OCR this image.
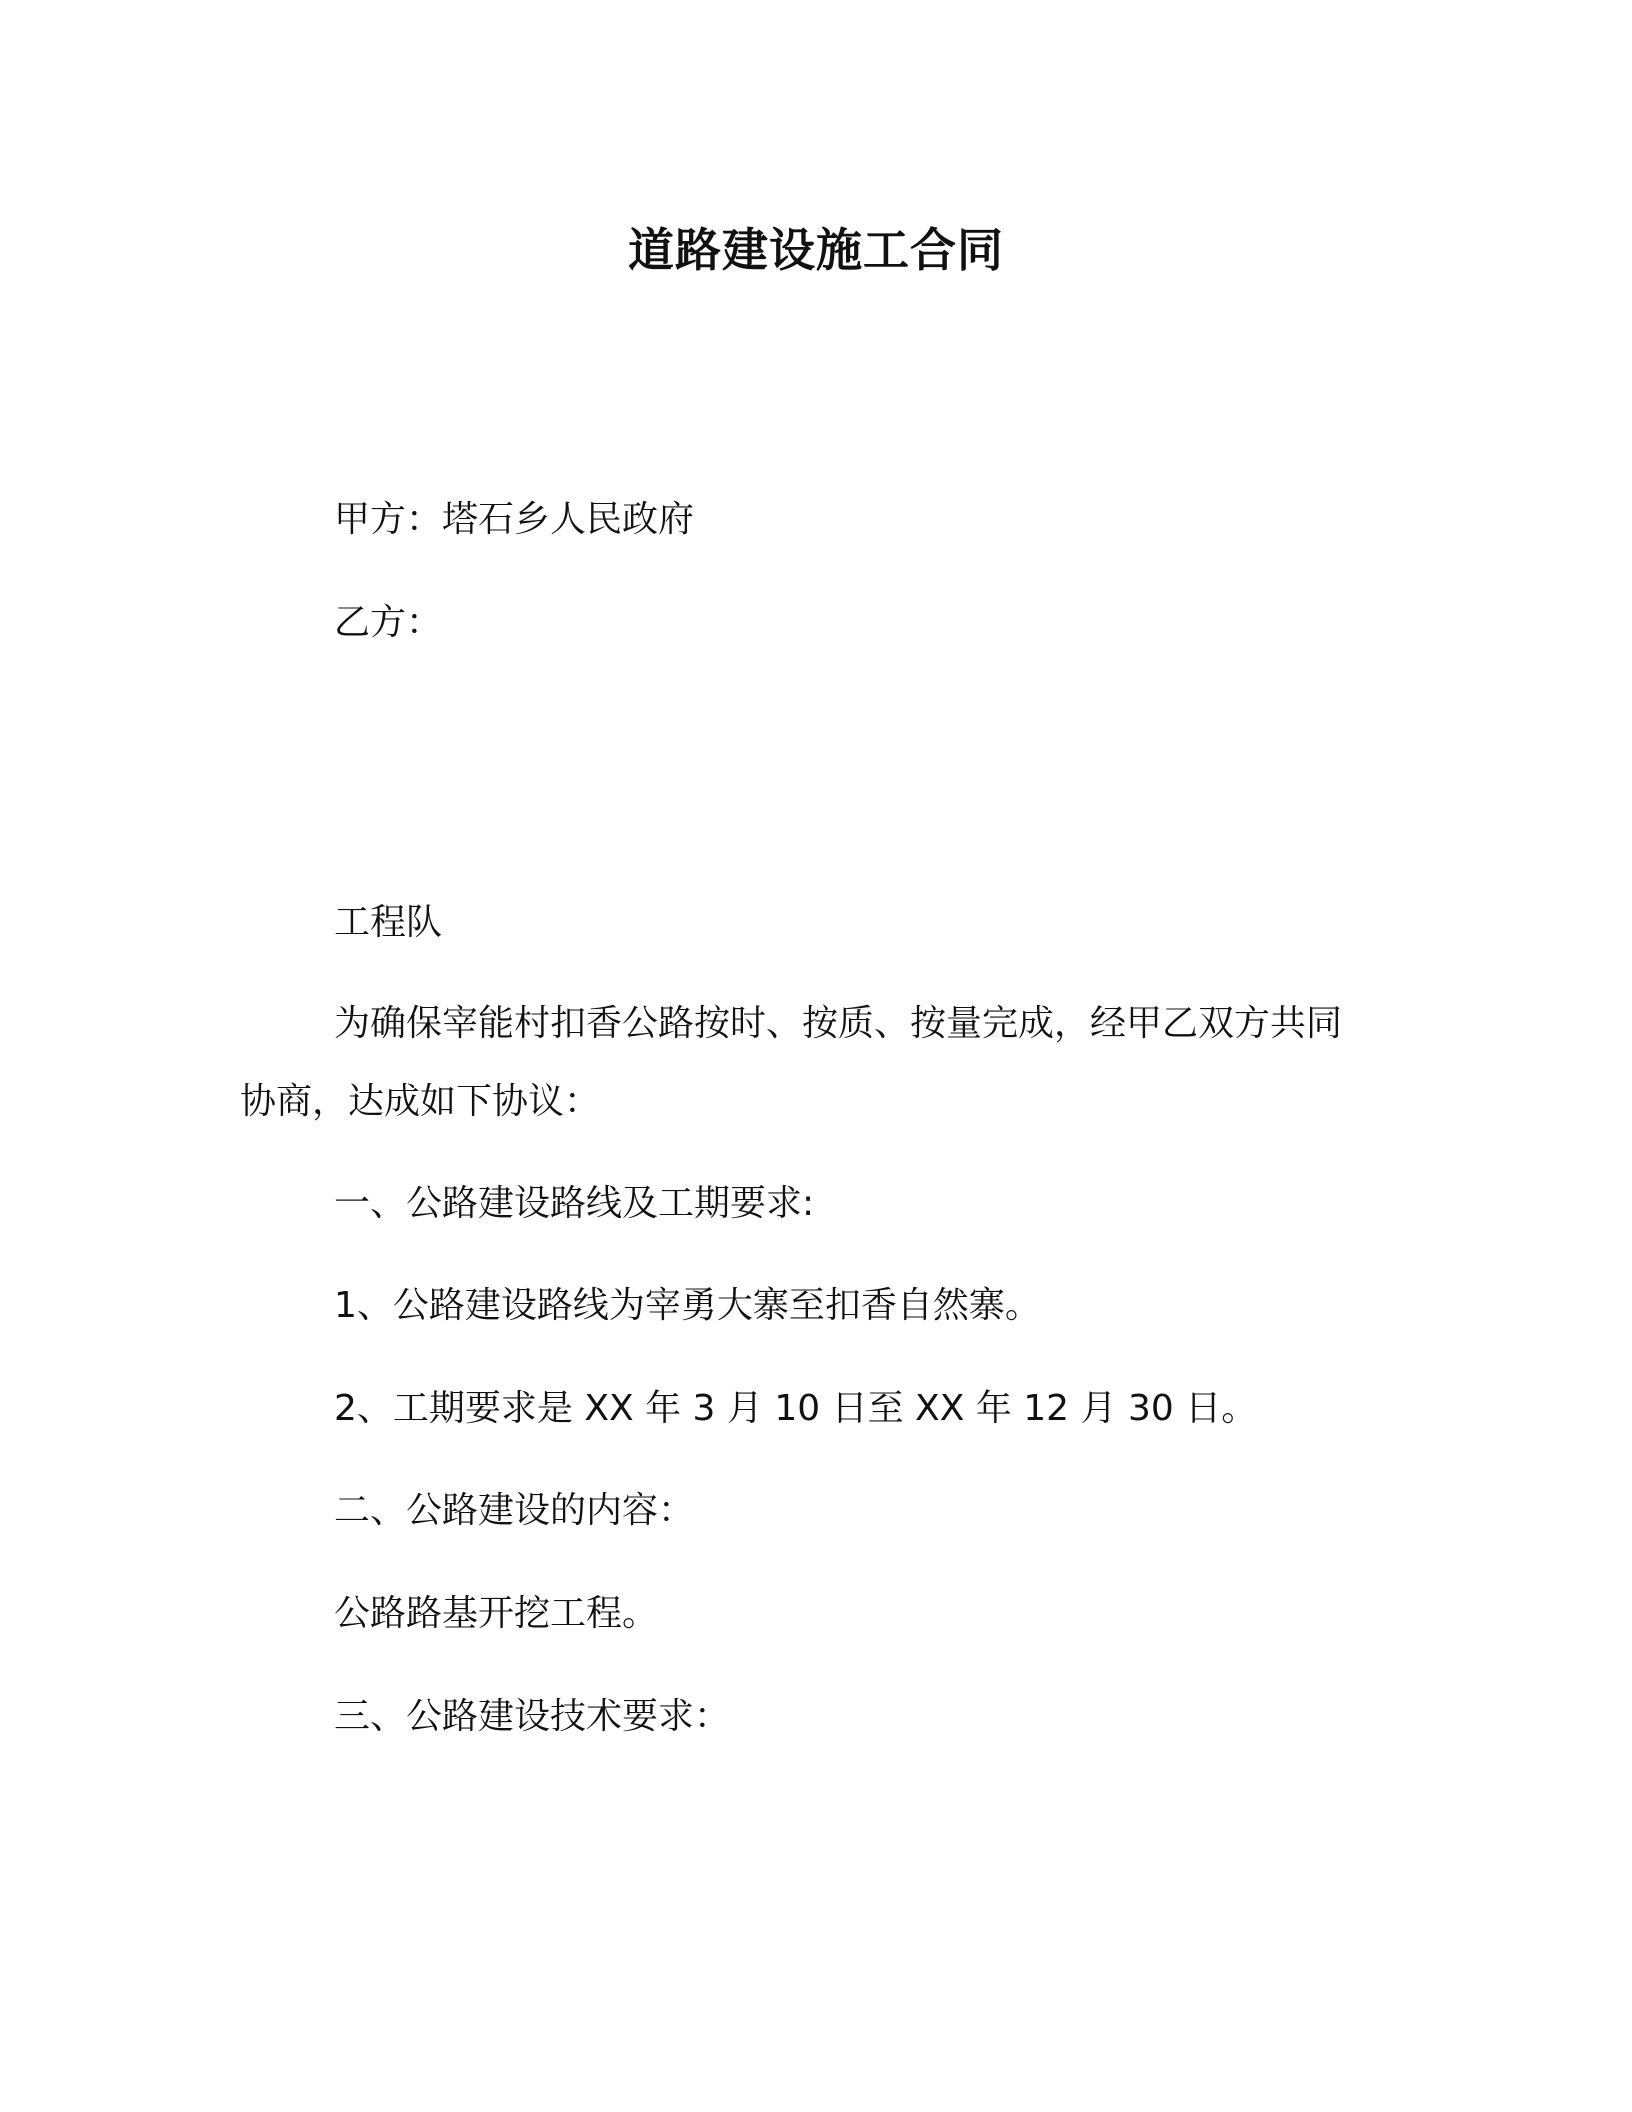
道路建设施工合同
甲方：塔石乡人民政府
乙方：
工程队
为确保宰能村扣香公路按时、按质、按量完成，经甲乙双方共同
协商，达成如下协议：
一、公路建设路线及工期要求:
1、公路建设路线为宰勇大寨至扣香自然寨。
2、工期要求是 XX 年 3 月 10 日至 XX 年 12 月 30 日。
二、公路建设的内容：
公路路基开挖工程。
三、公路建设技术要求：
